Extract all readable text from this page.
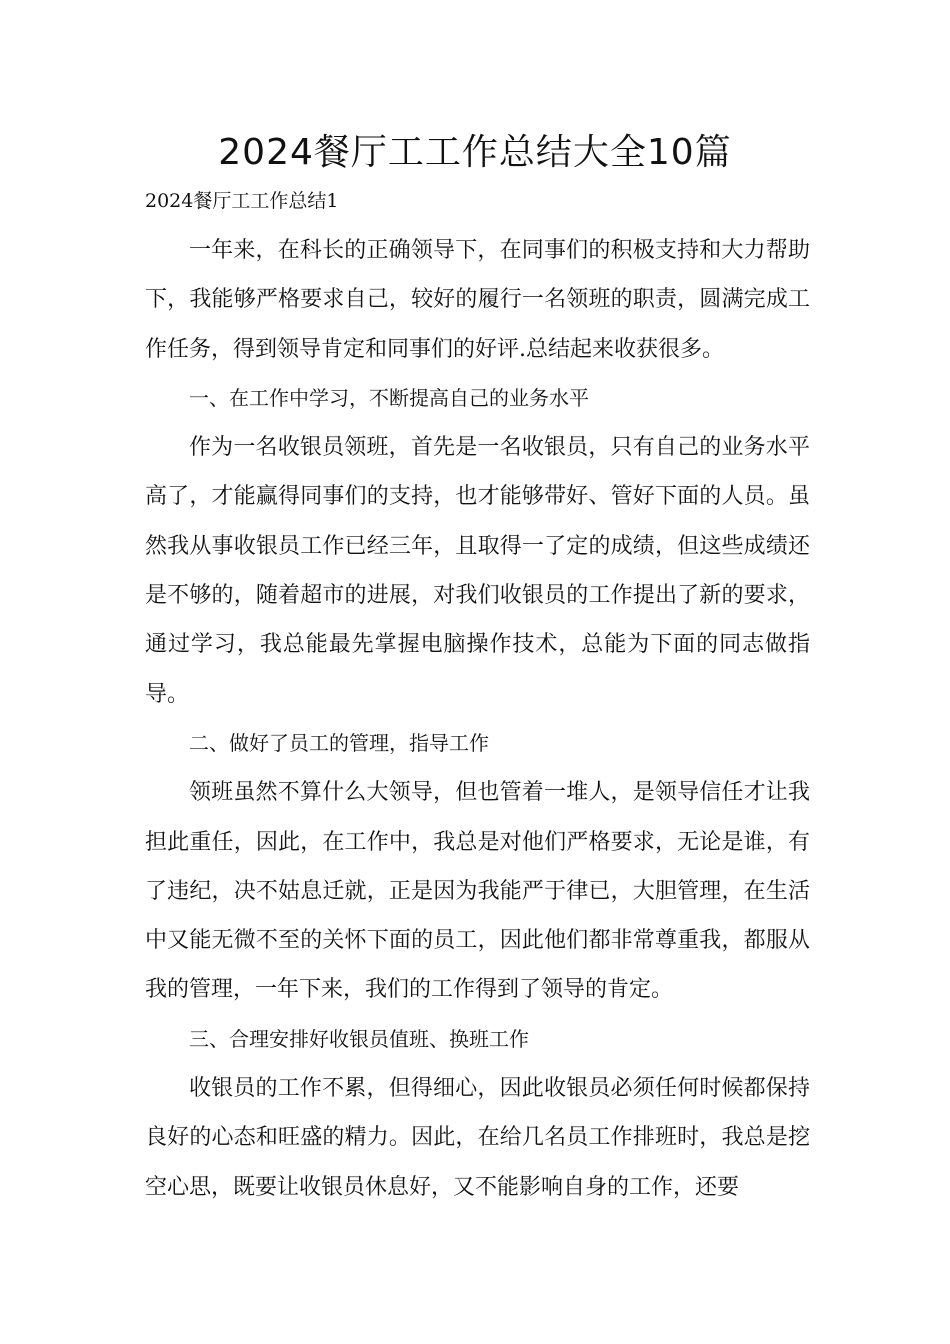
2024餐厅工工作总结大全10篇

2024餐厅工工作总结1

一年来，在科长的正确领导下，在同事们的积极支持和大力帮助下，我能够严格要求自己，较好的履行一名领班的职责，圆满完成工作任务，得到领导肯定和同事们的好评.总结起来收获很多。

一、在工作中学习，不断提高自己的业务水平

作为一名收银员领班，首先是一名收银员，只有自己的业务水平高了，才能赢得同事们的支持，也才能够带好、管好下面的人员。虽然我从事收银员工作已经三年，且取得一了定的成绩，但这些成绩还是不够的，随着超市的进展，对我们收银员的工作提出了新的要求，通过学习，我总能最先掌握电脑操作技术，总能为下面的同志做指导。

二、做好了员工的管理，指导工作

领班虽然不算什么大领导，但也管着一堆人，是领导信任才让我担此重任，因此，在工作中，我总是对他们严格要求，无论是谁，有了违纪，决不姑息迁就，正是因为我能严于律已，大胆管理，在生活中又能无微不至的关怀下面的员工，因此他们都非常尊重我，都服从我的管理，一年下来，我们的工作得到了领导的肯定。

三、合理安排好收银员值班、换班工作

收银员的工作不累，但得细心，因此收银员必须任何时候都保持良好的心态和旺盛的精力。因此，在给几名员工作排班时，我总是挖空心思，既要让收银员休息好，又不能影响自身的工作，还要
